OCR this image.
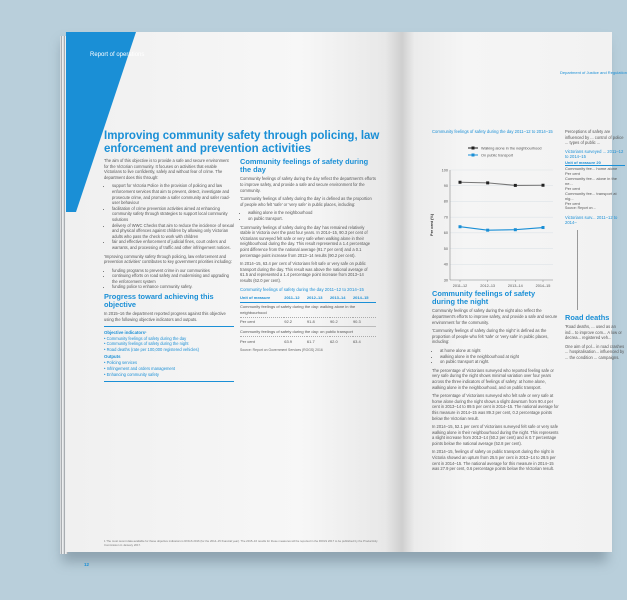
Report of operations
Improving community safety through policing, law enforcement and prevention activities

The aim of this objective is to provide a safe and secure environment for the Victorian community. It focuses on activities that enable Victorians to live confidently, safely and without fear of crime. The department does this through:

• support for Victoria Police in the provision of policing and law enforcement services that aim to prevent, detect, investigate and prosecute crime, and promote a safer community and safer road-user behaviour
• facilitation of crime prevention activities aimed at enhancing community safety through strategies to support local community solutions
• delivery of WWC Checks that aim to reduce the incidence of sexual and physical offences against children by allowing only Victorian adults who pass the check to work with children
• fair and effective enforcement of judicial fines, court orders and warrants, and processing of traffic and other infringement notices.

'Improving community safety through policing, law enforcement and prevention activities' contributes to key government priorities including:

• funding programs to prevent crime in our communities
• continuing efforts on road safety and modernising and upgrading the enforcement system
• funding police to enhance community safety.
Progress toward achieving this objective

In 2015–16 the department reported progress against this objective using the following objective indicators and outputs.

Objective indicators¹
• Community feelings of safety during the day
• Community feelings of safety during the night
• Road deaths (rate per 100,000 registered vehicles)
Outputs
• Policing services
• Infringement and orders management
• Enhancing community safety
Community feelings of safety during the day

Community feelings of safety during the day reflect the department's efforts to improve safety, and provide a safe and secure environment for the community.

'Community feelings of safety during the day' is defined as the proportion of people who felt 'safe' or 'very safe' in public places, including:

• walking alone in the neighbourhood
• on public transport.

'Community feelings of safety during the day' has remained relatively stable in Victoria over the past four years. In 2014–15, 90.3 per cent of Victorians surveyed felt safe or very safe when walking alone in their neighbourhood during the day. This result represented a 1.4 percentage point difference from the national average (91.7 per cent) and a 0.1 percentage point increase from 2013–14 results (90.2 per cent).

In 2014–15, 63.4 per cent of Victorians felt safe or very safe on public transport during the day. This result was above the national average of 61.5 and represented a 1.4 percentage point increase from 2013–14 results (62.0 per cent).

Community feelings of safety during the day 2011–12 to 2014–15
Unit of measure	2011–12	2012–13	2013–14	2014–15
Community feelings of safety during the day: walking alone in the neighbourhood				
Per cent	92.2	91.8	90.2	90.3
Community feelings of safety during the day: on public transport				
Per cent	63.9	61.7	62.0	63.4
Source: Report on Government Services (ROGS) 2016
1 The most recent data available for these objective indicators is ROGS 2016 (for the 2014–15 financial year). The 2015–16 results for these measures will be reported in the ROGS 2017 to be published by the Productivity Commission in January 2017.
12
Department of Justice and Regulation
Community feelings of safety during the day 2011–12 to 2014–15
Walking alone in the neighbourhood
On public transport
30
40
50
60
70
80
90
100
Per cent (%)
2011–12	2012–13	2013–14	2014–15
Community feelings of safety during the night

Community feelings of safety during the night also reflect the department's efforts to improve safety, and provide a safe and secure environment for the community.

'Community feelings of safety during the night' is defined as the proportion of people who felt 'safe' or 'very safe' in public places, including:

• at home alone at night
• walking alone in the neighbourhood at night
• on public transport at night.

The percentage of Victorians surveyed who reported feeling safe or very safe during the night shows minimal variation over four years across the three indicators of feelings of safety: at home alone, walking alone in the neighbourhood, and on public transport.

The percentage of Victorians surveyed who felt safe or very safe at home alone during the night shows a slight downturn from 90.4 per cent in 2013–14 to 89.5 per cent in 2014–15. The national average for this measure in 2014–15 was 89.3 per cent, 0.2 percentage points below the Victorian result.

In 2014–15, 52.1 per cent of Victorians surveyed felt safe or very safe walking alone in their neighbourhood during the night. This represents a slight increase from 2013–14 (50.2 per cent) and is 0.7 percentage points below the national average (52.8 per cent).

In 2014–15, feelings of safety on public transport during the night in Victoria showed an upturn from 25.5 per cent in 2013–14 to 28.5 per cent in 2014–15. The national average for this measure in 2014–15 was 27.9 per cent, 0.6 percentage points below the Victorian result.

Perceptions of safety are influenced by ... control of police ... types of public ...

Victorians surveyed ... 2011–12 to 2014–15
Unit of measure 20
Community fee... home alone
Per cent
Community fee... alone in the ne...
Per cent
Community fee... transport at nig...
Per cent
Source: Report on ...
Victorians surv... 2011–12 to 2014–
Road deaths

'Road deaths, ... used as an ind... to improve com... A low or decrea... registered veh...

One aim of pol... in road crashes ... hospitalisation... influenced by ... the condition ... campaigns.
